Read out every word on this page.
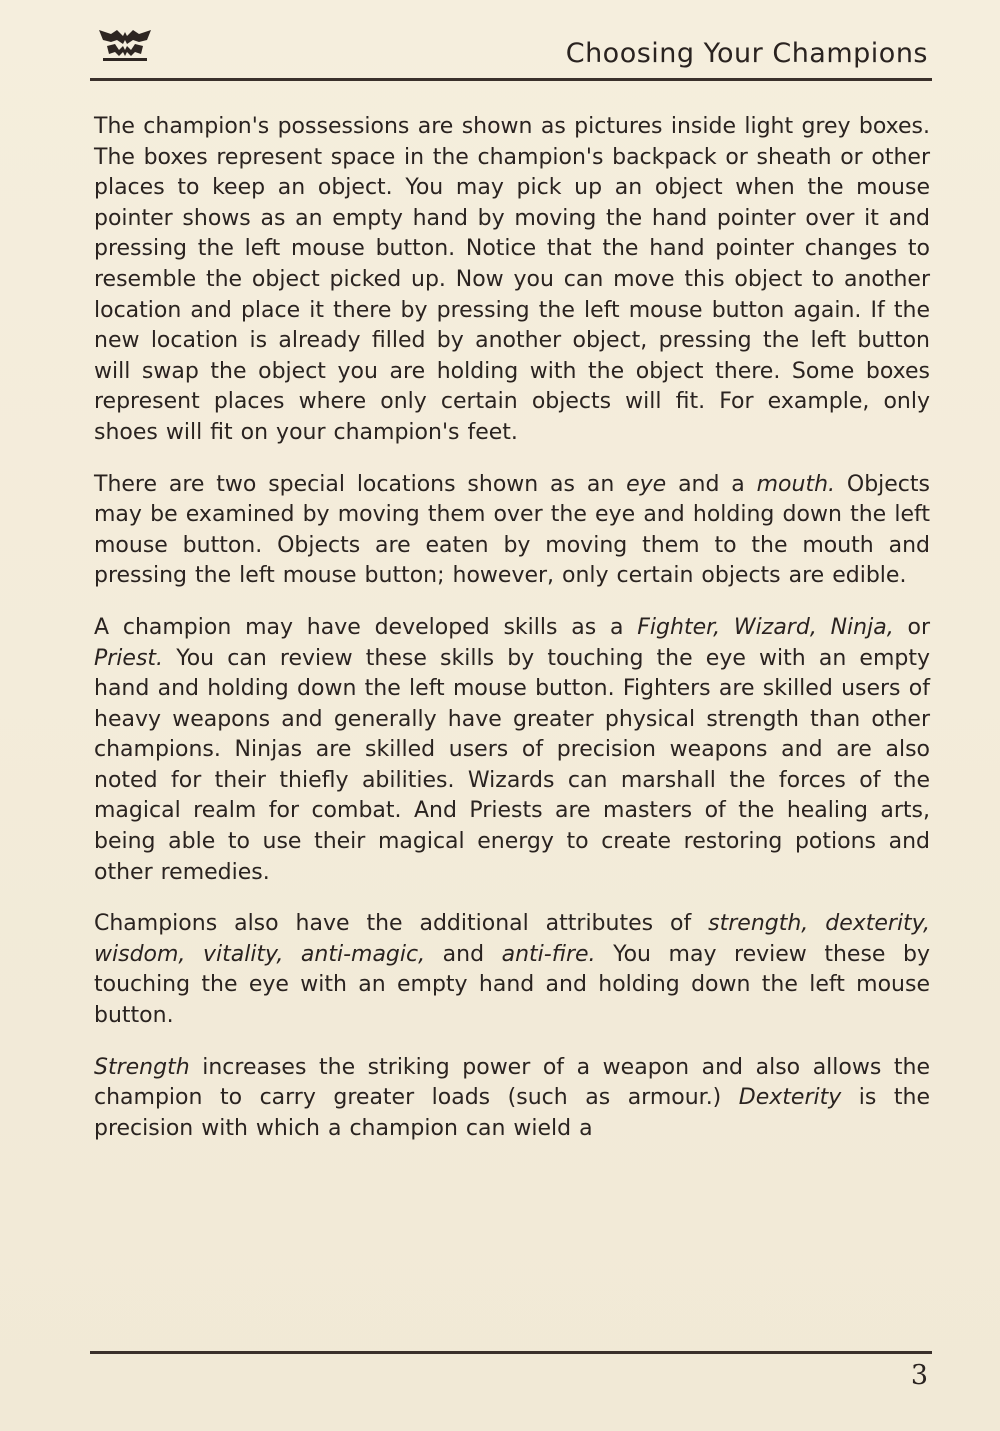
Choosing Your Champions

The champion's possessions are shown as pictures inside light grey boxes. The boxes represent space in the champion's backpack or sheath or other places to keep an object. You may pick up an object when the mouse pointer shows as an empty hand by moving the hand pointer over it and pressing the left mouse button. Notice that the hand pointer changes to resemble the object picked up. Now you can move this object to another location and place it there by pressing the left mouse button again. If the new location is already filled by another object, pressing the left button will swap the object you are holding with the object there. Some boxes represent places where only certain objects will fit. For example, only shoes will fit on your champion's feet.

There are two special locations shown as an eye and a mouth. Objects may be examined by moving them over the eye and holding down the left mouse button. Objects are eaten by moving them to the mouth and pressing the left mouse button; however, only certain objects are edible.

A champion may have developed skills as a Fighter, Wizard, Ninja, or Priest. You can review these skills by touching the eye with an empty hand and holding down the left mouse button. Fighters are skilled users of heavy weapons and generally have greater physical strength than other champions. Ninjas are skilled users of precision weapons and are also noted for their thiefly abilities. Wizards can marshall the forces of the magical realm for combat. And Priests are masters of the healing arts, being able to use their magical energy to create restoring potions and other remedies.

Champions also have the additional attributes of strength, dexterity, wisdom, vitality, anti-magic, and anti-fire. You may review these by touching the eye with an empty hand and holding down the left mouse button.

Strength increases the striking power of a weapon and also allows the champion to carry greater loads (such as armour.) Dexterity is the precision with which a champion can wield a

3
